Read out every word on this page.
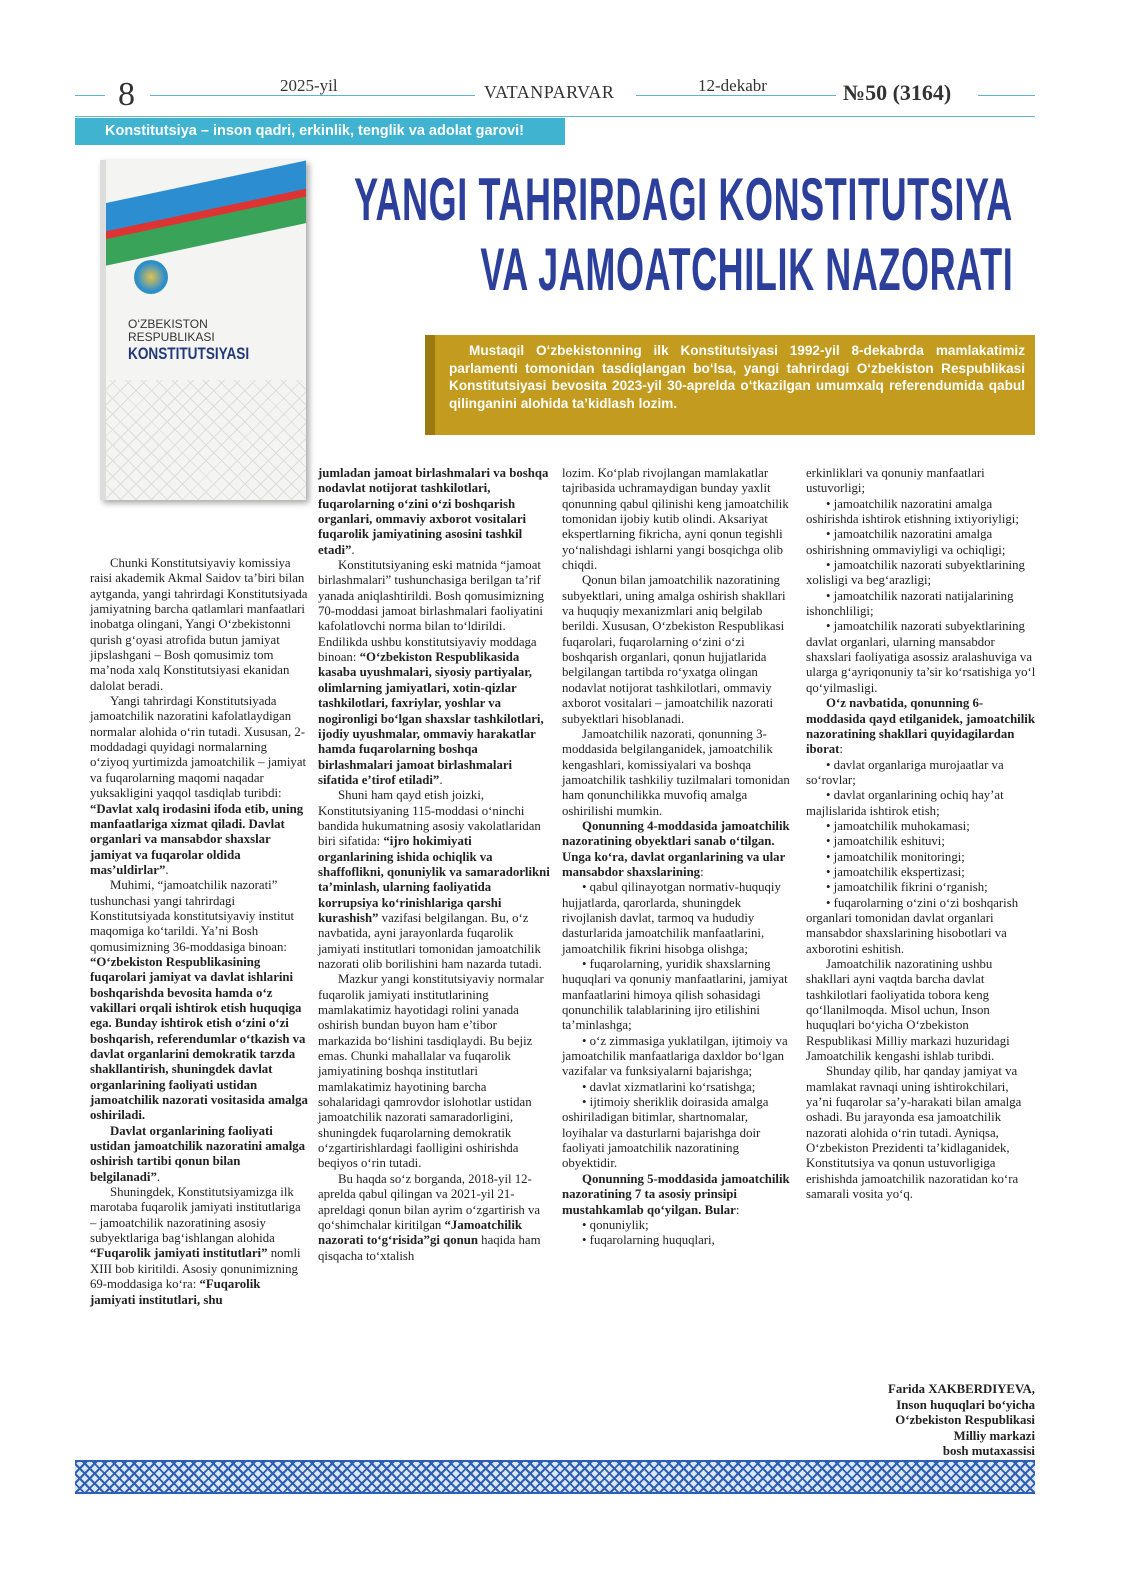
8	2025-yil	VATANPARVAR	12-dekabr	№50 (3164)
Konstitutsiya – inson qadri, erkinlik, tenglik va adolat garovi!
O‘ZBEKISTON
RESPUBLIKASI
KONSTITUTSIYASI
YANGI TAHRIRDAGI KONSTITUTSIYA
VA JAMOATCHILIK NAZORATI
Mustaqil O‘zbekistonning ilk Konstitutsiyasi 1992-yil 8-dekabrda mamlakatimiz parlamenti tomonidan tasdiqlangan bo‘lsa, yangi tahrirdagi O‘zbekiston Respublikasi Konstitutsiyasi bevosita 2023-yil 30-aprelda o‘tkazilgan umumxalq referendumida qabul qilinganini alohida ta’kidlash lozim.

Chunki Konstitutsiyaviy komissiya raisi akademik Akmal Saidov ta’biri bilan aytganda, yangi tahrirdagi Konstitutsiyada jamiyatning barcha qatlamlari manfaatlari inobatga olingani, Yangi O‘zbekistonni qurish g‘oyasi atrofida butun jamiyat jipslashgani – Bosh qomusimiz tom ma’noda xalq Konstitutsiyasi ekanidan dalolat beradi.

Yangi tahrirdagi Konstitutsiyada jamoatchilik nazoratini kafolatlaydigan normalar alohida o‘rin tutadi. Xususan, 2-moddadagi quyidagi normalarning o‘ziyoq yurtimizda jamoatchilik – jamiyat va fuqarolarning maqomi naqadar yuksakligini yaqqol tasdiqlab turibdi: “Davlat xalq irodasini ifoda etib, uning manfaatlariga xizmat qiladi. Davlat organlari va mansabdor shaxslar jamiyat va fuqarolar oldida mas’uldirlar”.

Muhimi, “jamoatchilik nazorati” tushunchasi yangi tahrirdagi Konstitutsiyada konstitutsiyaviy institut maqomiga ko‘tarildi. Ya’ni Bosh qomusimizning 36-moddasiga binoan: “O‘zbekiston Respublikasining fuqarolari jamiyat va davlat ishlarini boshqarishda bevosita hamda o‘z vakillari orqali ishtirok etish huquqiga ega. Bunday ishtirok etish o‘zini o‘zi boshqarish, referendumlar o‘tkazish va davlat organlarini demokratik tarzda shakllantirish, shuningdek davlat organlarining faoliyati ustidan jamoatchilik nazorati vositasida amalga oshiriladi.

Davlat organlarining faoliyati ustidan jamoatchilik nazoratini amalga oshirish tartibi qonun bilan belgilanadi”.

Shuningdek, Konstitutsiyamizga ilk marotaba fuqarolik jamiyati institutlariga – jamoatchilik nazoratining asosiy subyektlariga bag‘ishlangan alohida “Fuqarolik jamiyati institutlari” nomli XIII bob kiritildi. Asosiy qonunimizning 69-moddasiga ko‘ra: “Fuqarolik jamiyati institutlari, shu

jumladan jamoat birlashmalari va boshqa nodavlat notijorat tashkilotlari, fuqarolarning o‘zini o‘zi boshqarish organlari, ommaviy axborot vositalari fuqarolik jamiyatining asosini tashkil etadi”.

Konstitutsiyaning eski matnida “jamoat birlashmalari” tushunchasiga berilgan ta’rif yanada aniqlashtirildi. Bosh qomusimizning 70-moddasi jamoat birlashmalari faoliyatini kafolatlovchi norma bilan to‘ldirildi. Endilikda ushbu konstitutsiyaviy moddaga binoan: “O‘zbekiston Respublikasida kasaba uyushmalari, siyosiy partiyalar, olimlarning jamiyatlari, xotin-qizlar tashkilotlari, faxriylar, yoshlar va nogironligi bo‘lgan shaxslar tashkilotlari, ijodiy uyushmalar, ommaviy harakatlar hamda fuqarolarning boshqa birlashmalari jamoat birlashmalari sifatida e’tirof etiladi”.

Shuni ham qayd etish joizki, Konstitutsiyaning 115-moddasi o‘ninchi bandida hukumatning asosiy vakolatlaridan biri sifatida: “ijro hokimiyati organlarining ishida ochiqlik va shaffoflikni, qonuniylik va samaradorlikni ta’minlash, ularning faoliyatida korrupsiya ko‘rinishlariga qarshi kurashish” vazifasi belgilangan. Bu, o‘z navbatida, ayni jarayonlarda fuqarolik jamiyati institutlari tomonidan jamoatchilik nazorati olib borilishini ham nazarda tutadi.

Mazkur yangi konstitutsiyaviy normalar fuqarolik jamiyati institutlarining mamlakatimiz hayotidagi rolini yanada oshirish bundan buyon ham e’tibor markazida bo‘lishini tasdiqlaydi. Bu bejiz emas. Chunki mahallalar va fuqarolik jamiyatining boshqa institutlari mamlakatimiz hayotining barcha sohalaridagi qamrovdor islohotlar ustidan jamoatchilik nazorati samaradorligini, shuningdek fuqarolarning demokratik o‘zgartirishlardagi faolligini oshirishda beqiyos o‘rin tutadi.

Bu haqda so‘z borganda, 2018-yil 12-aprelda qabul qilingan va 2021-yil 21-apreldagi qonun bilan ayrim o‘zgartirish va qo‘shimchalar kiritilgan “Jamoatchilik nazorati to‘g‘risida”gi qonun haqida ham qisqacha to‘xtalish

lozim. Ko‘plab rivojlangan mamlakatlar tajribasida uchramaydigan bunday yaxlit qonunning qabul qilinishi keng jamoatchilik tomonidan ijobiy kutib olindi. Aksariyat ekspertlarning fikricha, ayni qonun tegishli yo‘nalishdagi ishlarni yangi bosqichga olib chiqdi.

Qonun bilan jamoatchilik nazoratining subyektlari, uning amalga oshirish shakllari va huquqiy mexanizmlari aniq belgilab berildi. Xususan, O‘zbekiston Respublikasi fuqarolari, fuqarolarning o‘zini o‘zi boshqarish organlari, qonun hujjatlarida belgilangan tartibda ro‘yxatga olingan nodavlat notijorat tashkilotlari, ommaviy axborot vositalari – jamoatchilik nazorati subyektlari hisoblanadi.

Jamoatchilik nazorati, qonunning 3-moddasida belgilanganidek, jamoatchilik kengashlari, komissiyalari va boshqa jamoatchilik tashkiliy tuzilmalari tomonidan ham qonunchilikka muvofiq amalga oshirilishi mumkin.

Qonunning 4-moddasida jamoatchilik nazoratining obyektlari sanab o‘tilgan. Unga ko‘ra, davlat organlarining va ular mansabdor shaxslarining:

• qabul qilinayotgan normativ-huquqiy hujjatlarda, qarorlarda, shuningdek rivojlanish davlat, tarmoq va hududiy dasturlarida jamoatchilik manfaatlarini, jamoatchilik fikrini hisobga olishga;

• fuqarolarning, yuridik shaxslarning huquqlari va qonuniy manfaatlarini, jamiyat manfaatlarini himoya qilish sohasidagi qonunchilik talablarining ijro etilishini ta’minlashga;

• o‘z zimmasiga yuklatilgan, ijtimoiy va jamoatchilik manfaatlariga daxldor bo‘lgan vazifalar va funksiyalarni bajarishga;

• davlat xizmatlarini ko‘rsatishga;

• ijtimoiy sheriklik doirasida amalga oshiriladigan bitimlar, shartnomalar, loyihalar va dasturlarni bajarishga doir faoliyati jamoatchilik nazoratining obyektidir.

Qonunning 5-moddasida jamoatchilik nazoratining 7 ta asosiy prinsipi mustahkamlab qo‘yilgan. Bular:

• qonuniylik;

• fuqarolarning huquqlari,

erkinliklari va qonuniy manfaatlari ustuvorligi;

• jamoatchilik nazoratini amalga oshirishda ishtirok etishning ixtiyoriyligi;

• jamoatchilik nazoratini amalga oshirishning ommaviyligi va ochiqligi;

• jamoatchilik nazorati subyektlarining xolisligi va beg‘arazligi;

• jamoatchilik nazorati natijalarining ishonchliligi;

• jamoatchilik nazorati subyektlarining davlat organlari, ularning mansabdor shaxslari faoliyatiga asossiz aralashuviga va ularga g‘ayriqonuniy ta’sir ko‘rsatishiga yo‘l qo‘yilmasligi.

O‘z navbatida, qonunning 6-moddasida qayd etilganidek, jamoatchilik nazoratining shakllari quyidagilardan iborat:

• davlat organlariga murojaatlar va so‘rovlar;

• davlat organlarining ochiq hay’at majlislarida ishtirok etish;

• jamoatchilik muhokamasi;

• jamoatchilik eshituvi;

• jamoatchilik monitoringi;

• jamoatchilik ekspertizasi;

• jamoatchilik fikrini o‘rganish;

• fuqarolarning o‘zini o‘zi boshqarish organlari tomonidan davlat organlari mansabdor shaxslarining hisobotlari va axborotini eshitish.

Jamoatchilik nazoratining ushbu shakllari ayni vaqtda barcha davlat tashkilotlari faoliyatida tobora keng qo‘llanilmoqda. Misol uchun, Inson huquqlari bo‘yicha O‘zbekiston Respublikasi Milliy markazi huzuridagi Jamoatchilik kengashi ishlab turibdi.

Shunday qilib, har qanday jamiyat va mamlakat ravnaqi uning ishtirokchilari, ya’ni fuqarolar sa’y-harakati bilan amalga oshadi. Bu jarayonda esa jamoatchilik nazorati alohida o‘rin tutadi. Ayniqsa, O‘zbekiston Prezidenti ta’kidlaganidek, Konstitutsiya va qonun ustuvorligiga erishishda jamoatchilik nazoratidan ko‘ra samarali vosita yo‘q.

Farida XAKBERDIYEVA,
Inson huquqlari bo‘yicha
O‘zbekiston Respublikasi
Milliy markazi
bosh mutaxassisi
